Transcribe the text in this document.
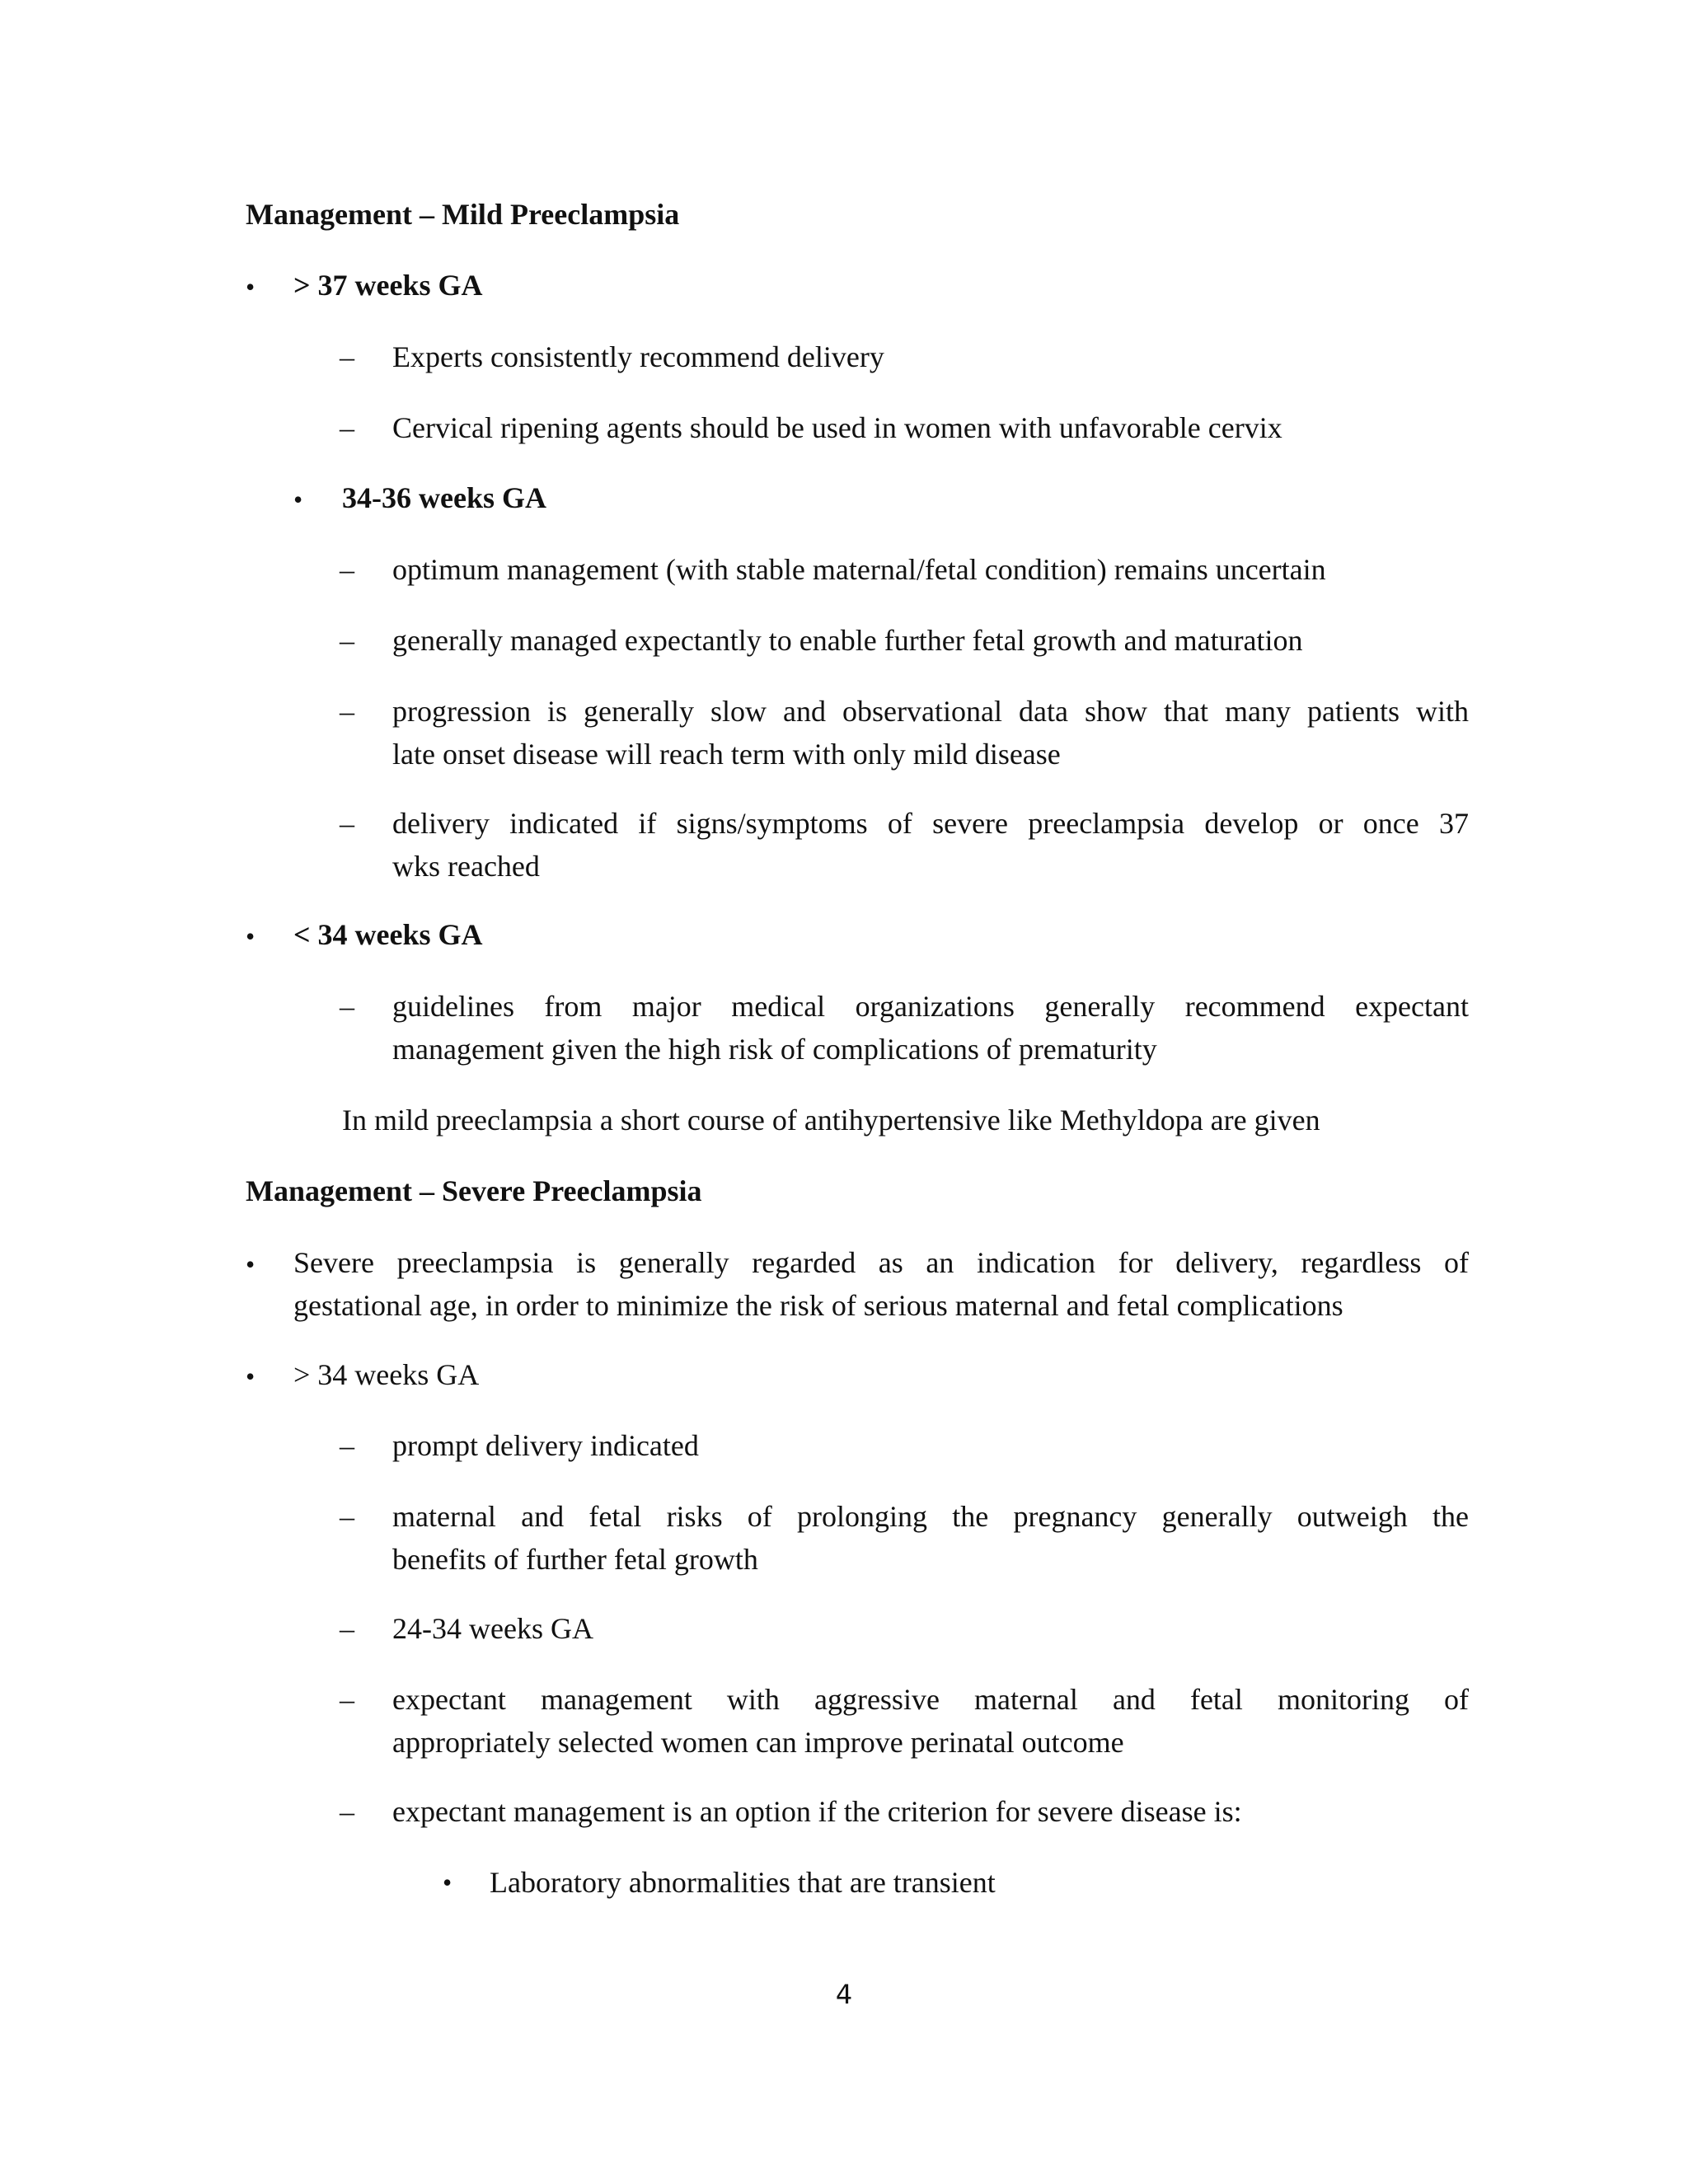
Management – Mild Preeclampsia
• > 37 weeks GA
– Experts consistently recommend delivery
– Cervical ripening agents should be used in women with unfavorable cervix
• 34-36 weeks GA
– optimum management (with stable maternal/fetal condition) remains uncertain
– generally managed expectantly to enable further fetal growth and maturation
– progression is generally slow and observational data show that many patients with
late onset disease will reach term with only mild disease
– delivery indicated if signs/symptoms of severe preeclampsia develop or once 37
wks reached
• < 34 weeks GA
– guidelines from major medical organizations generally recommend expectant
management given the high risk of complications of prematurity
In mild preeclampsia a short course of antihypertensive like Methyldopa are given
Management – Severe Preeclampsia
• Severe preeclampsia is generally regarded as an indication for delivery, regardless of
gestational age, in order to minimize the risk of serious maternal and fetal complications
• > 34 weeks GA
– prompt delivery indicated
– maternal and fetal risks of prolonging the pregnancy generally outweigh the
benefits of further fetal growth
– 24-34 weeks GA
– expectant management with aggressive maternal and fetal monitoring of
appropriately selected women can improve perinatal outcome
– expectant management is an option if the criterion for severe disease is:
• Laboratory abnormalities that are transient
4
